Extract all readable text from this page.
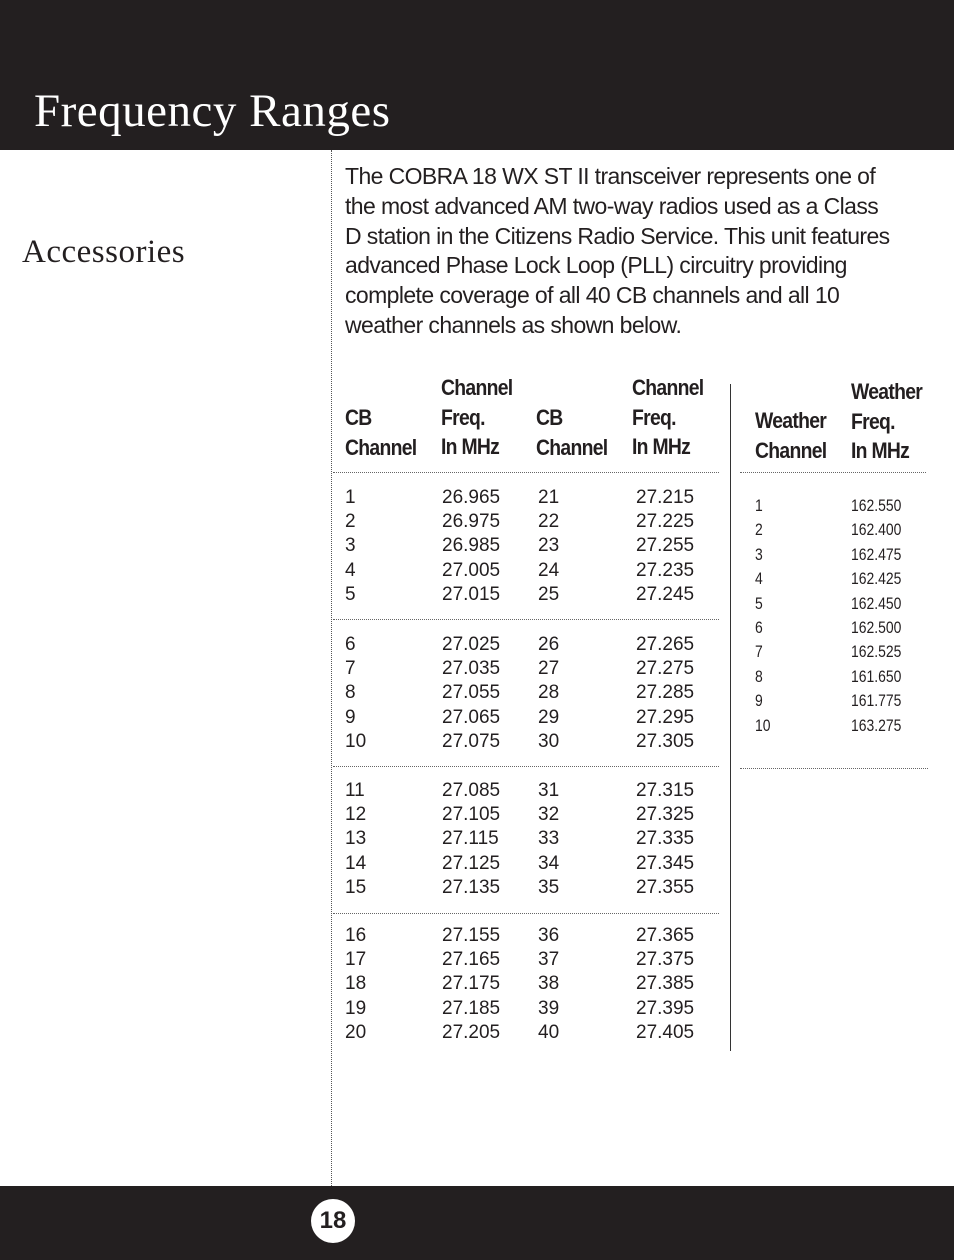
Frequency Ranges
Accessories
The COBRA 18 WX ST II transceiver represents one of
the most advanced AM two-way radios used as a Class
D station in the Citizens Radio Service. This unit features
advanced Phase Lock Loop (PLL) circuitry providing
complete coverage of all 40 CB channels and all 10
weather channels as shown below.
CB
Channel
Channel
Freq.
In MHz
CB
Channel
Channel
Freq.
In MHz
Weather
Channel
Weather
Freq.
In MHz
1	26.965 21	27.215
2	26.975 22	27.225
3	26.985 23	27.255
4	27.005 24	27.235
5	27.015 25	27.245
6	27.025 26	27.265
7	27.035 27	27.275
8	27.055 28	27.285
9	27.065 29	27.295
10	27.075 30	27.305
11	27.085 31	27.315
12	27.105 32	27.325
13	27.115 33	27.335
14	27.125 34	27.345
15	27.135 35	27.355
16	27.155 36	27.365
17	27.165 37	27.375
18	27.175 38	27.385
19	27.185 39	27.395
20	27.205 40	27.405
1	162.550
2	162.400
3	162.475
4	162.425
5	162.450
6	162.500
7	162.525
8	161.650
9	161.775
10	163.275
18
